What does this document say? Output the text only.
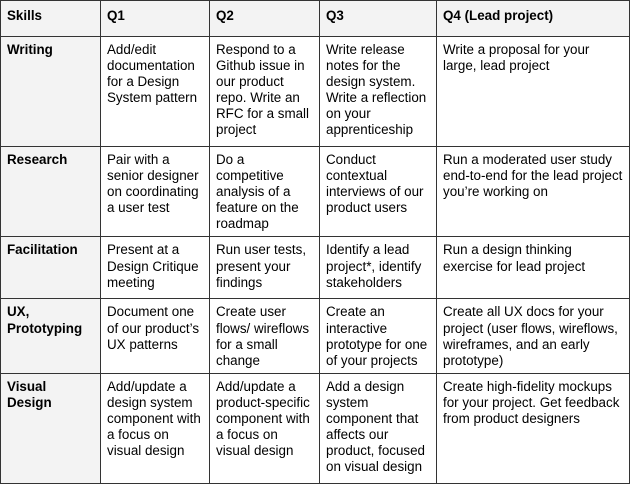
Skills	Q1	Q2	Q3	Q4 (Lead project)
Writing	Add/edit documentation for a Design System pattern	Respond to a Github issue in our product repo. Write an RFC for a small project	Write release notes for the design system. Write a reflection on your apprenticeship	Write a proposal for your large, lead project
Research	Pair with a senior designer on coordinating a user test	Do a competitive analysis of a feature on the roadmap	Conduct contextual interviews of our product users	Run a moderated user study end-to-end for the lead project you’re working on
Facilitation	Present at a Design Critique meeting	Run user tests, present your findings	Identify a lead project*, identify stakeholders	Run a design thinking exercise for lead project
UX, Prototyping	Document one of our product’s UX patterns	Create user flows/ wireflows for a small change	Create an interactive prototype for one of your projects	Create all UX docs for your project (user flows, wireflows, wireframes, and an early prototype)
Visual Design	Add/update a design system component with a focus on visual design	Add/update a product-specific component with a focus on visual design	Add a design system component that affects our product, focused on visual design	Create high-fidelity mockups for your project. Get feedback from product designers
